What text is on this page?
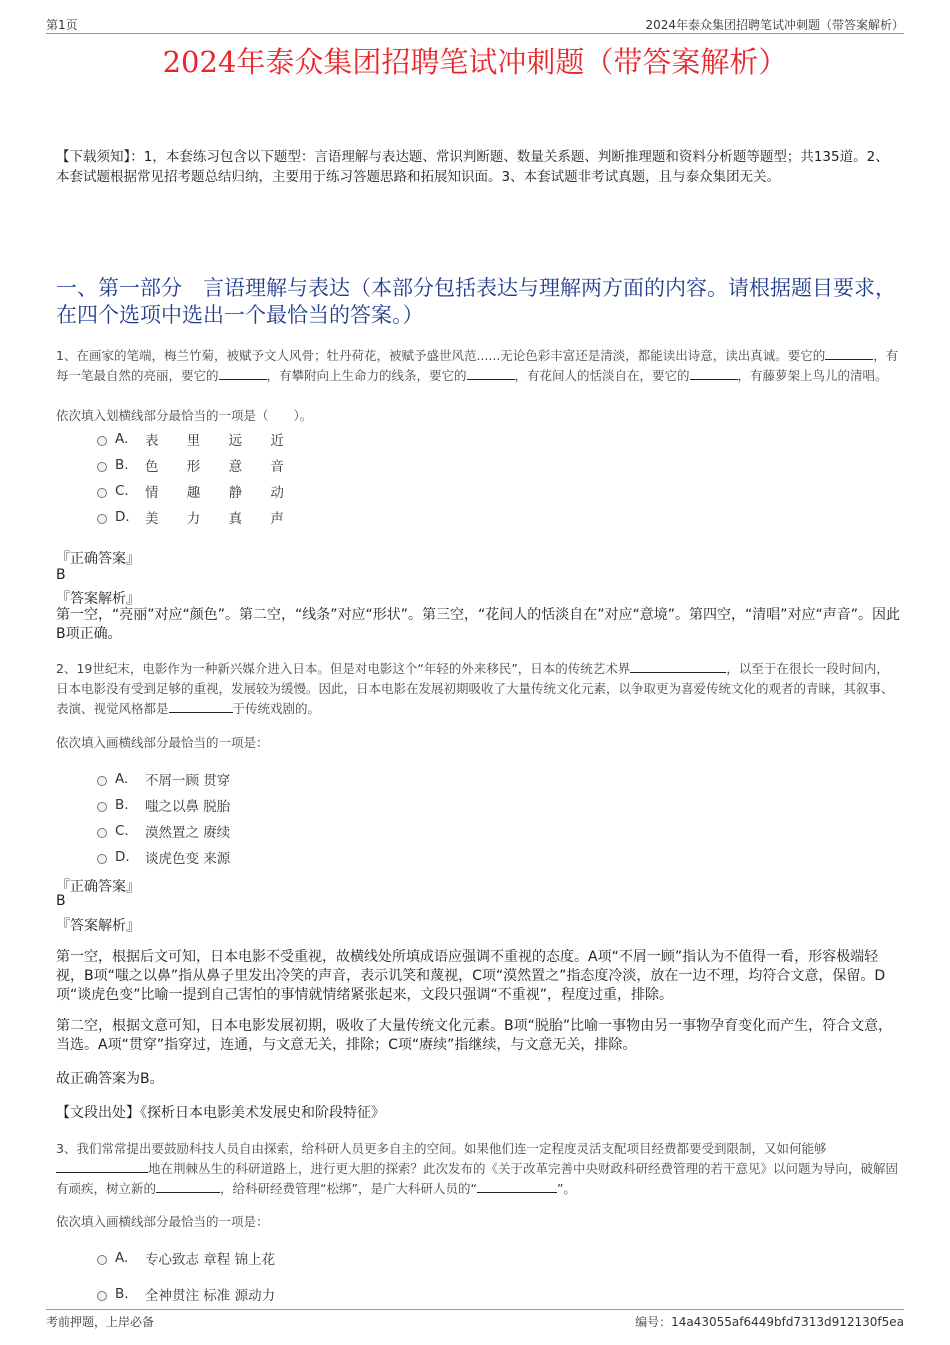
第1页	2024年泰众集团招聘笔试冲刺题（带答案解析）
2024年泰众集团招聘笔试冲刺题（带答案解析）
【下载须知】：1，本套练习包含以下题型：言语理解与表达题、常识判断题、数量关系题、判断推理题和资料分析题等题型；共135道。2、本套试题根据常见招考题总结归纳，主要用于练习答题思路和拓展知识面。3、本套试题非考试真题，且与泰众集团无关。
一、第一部分　言语理解与表达（本部分包括表达与理解两方面的内容。请根据题目要求，在四个选项中选出一个最恰当的答案。）
1、在画家的笔端，梅兰竹菊，被赋予文人风骨；牡丹荷花，被赋予盛世风范......无论色彩丰富还是清淡，都能读出诗意，读出真诚。要它的	，有每一笔最自然的亮丽，要它的	，有攀附向上生命力的线条，要它的	，有花间人的恬淡自在，要它的	，有藤萝架上鸟儿的清唱。
依次填入划横线部分最恰当的一项是（　　）。
A.	表 里 远 近
B.	色 形 意 音
C.	情 趣 静 动
D.	美 力 真 声
『正确答案』
B
『答案解析』
第一空，“亮丽”对应“颜色”。第二空，“线条”对应“形状”。第三空，“花间人的恬淡自在”对应“意境”。第四空，“清唱”对应“声音”。因此B项正确。
2、19世纪末，电影作为一种新兴媒介进入日本。但是对电影这个“年轻的外来移民”，日本的传统艺术界	，以至于在很长一段时间内，日本电影没有受到足够的重视，发展较为缓慢。因此，日本电影在发展初期吸收了大量传统文化元素，以争取更为喜爱传统文化的观者的青睐，其叙事、表演、视觉风格都是	于传统戏剧的。
依次填入画横线部分最恰当的一项是：
A.	不屑一顾 贯穿
B.	嗤之以鼻 脱胎
C.	漠然置之 赓续
D.	谈虎色变 来源
『正确答案』
B
『答案解析』
第一空，根据后文可知，日本电影不受重视，故横线处所填成语应强调不重视的态度。A项“不屑一顾”指认为不值得一看，形容极端轻视，B项“嗤之以鼻”指从鼻子里发出冷笑的声音，表示讥笑和蔑视，C项“漠然置之”指态度冷淡，放在一边不理，均符合文意，保留。D项“谈虎色变”比喻一提到自己害怕的事情就情绪紧张起来，文段只强调“不重视”，程度过重，排除。
第二空，根据文意可知，日本电影发展初期，吸收了大量传统文化元素。B项“脱胎”比喻一事物由另一事物孕育变化而产生，符合文意，当选。A项“贯穿”指穿过，连通，与文意无关，排除；C项“赓续”指继续，与文意无关，排除。
故正确答案为B。
【文段出处】《探析日本电影美术发展史和阶段特征》
3、我们常常提出要鼓励科技人员自由探索，给科研人员更多自主的空间。如果他们连一定程度灵活支配项目经费都要受到限制，又如何能够地在荆棘丛生的科研道路上，进行更大胆的探索？此次发布的《关于改革完善中央财政科研经费管理的若干意见》以问题为导向，破解固有顽疾，树立新的	，给科研经费管理“松绑”，是广大科研人员的“	”。
依次填入画横线部分最恰当的一项是：
A.	专心致志 章程 锦上花
B.	全神贯注 标准 源动力
考前押题，上岸必备	编号：14a43055af6449bfd7313d912130f5ea
